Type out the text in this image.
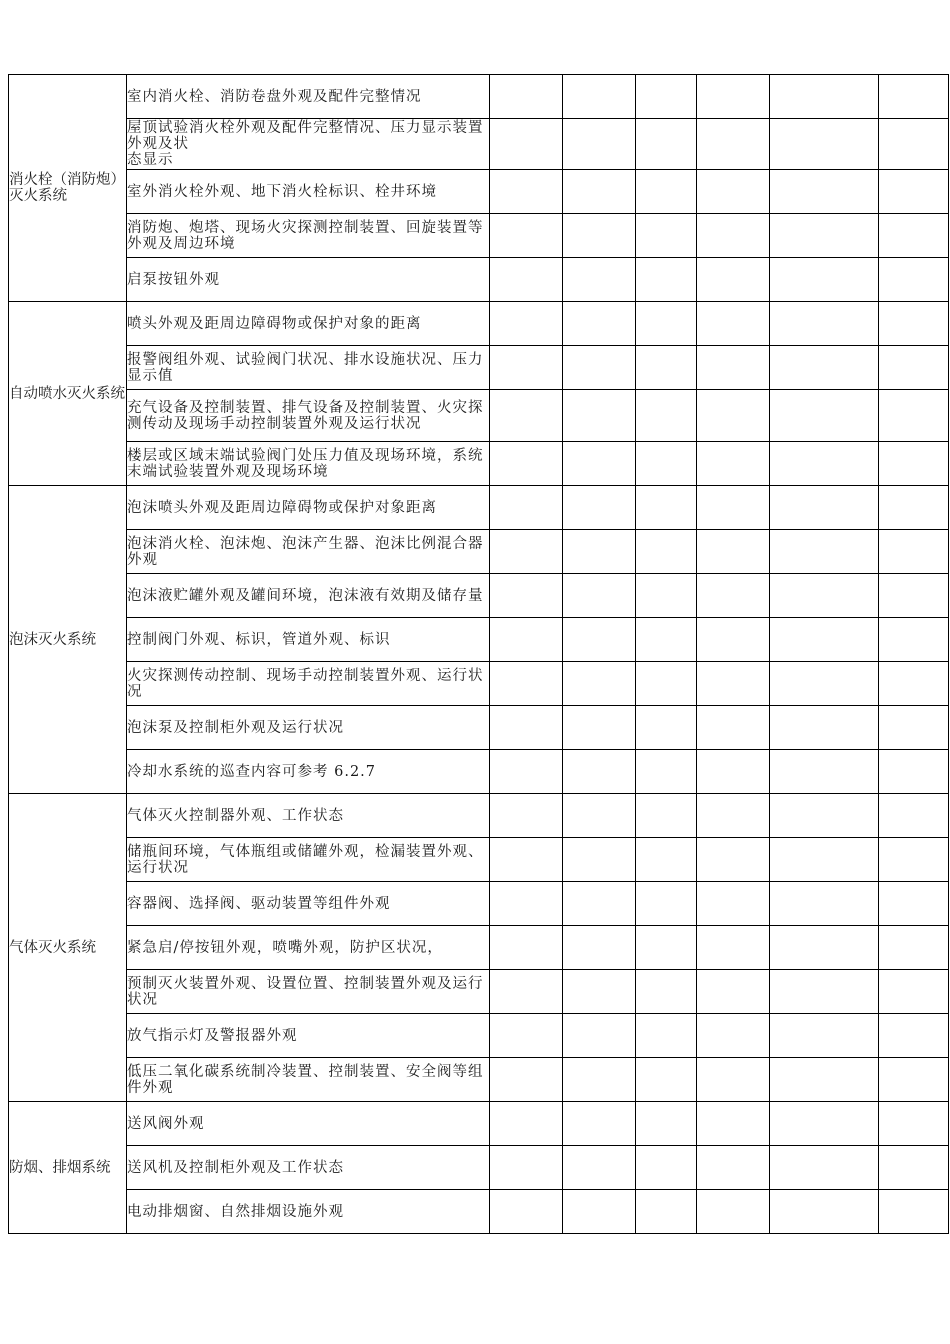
消火栓（消防炮）灭火系统	室内消火栓、消防卷盘外观及配件完整情况						
	屋顶试验消火栓外观及配件完整情况、压力显示装置外观及状
态显示						
	室外消火栓外观、地下消火栓标识、栓井环境						
	消防炮、炮塔、现场火灾探测控制装置、回旋装置等外观及周边环境						
	启泵按钮外观						
自动喷水灭火系统	喷头外观及距周边障碍物或保护对象的距离						
	报警阀组外观、试验阀门状况、排水设施状况、压力显示值						
	充气设备及控制装置、排气设备及控制装置、火灾探测传动及现场手动控制装置外观及运行状况						
	楼层或区域末端试验阀门处压力值及现场环境，系统末端试验装置外观及现场环境						
泡沫灭火系统	泡沫喷头外观及距周边障碍物或保护对象距离						
	泡沫消火栓、泡沫炮、泡沫产生器、泡沫比例混合器外观						
	泡沫液贮罐外观及罐间环境，泡沫液有效期及储存量						
	控制阀门外观、标识，管道外观、标识						
	火灾探测传动控制、现场手动控制装置外观、运行状况						
	泡沫泵及控制柜外观及运行状况						
	冷却水系统的巡查内容可参考 6.2.7						
气体灭火系统	气体灭火控制器外观、工作状态						
	储瓶间环境，气体瓶组或储罐外观，检漏装置外观、运行状况						
	容器阀、选择阀、驱动装置等组件外观						
	紧急启/停按钮外观，喷嘴外观，防护区状况，						
	预制灭火装置外观、设置位置、控制装置外观及运行状况						
	放气指示灯及警报器外观						
	低压二氧化碳系统制冷装置、控制装置、安全阀等组件外观						
防烟、排烟系统	送风阀外观						
	送风机及控制柜外观及工作状态						
	电动排烟窗、自然排烟设施外观						
